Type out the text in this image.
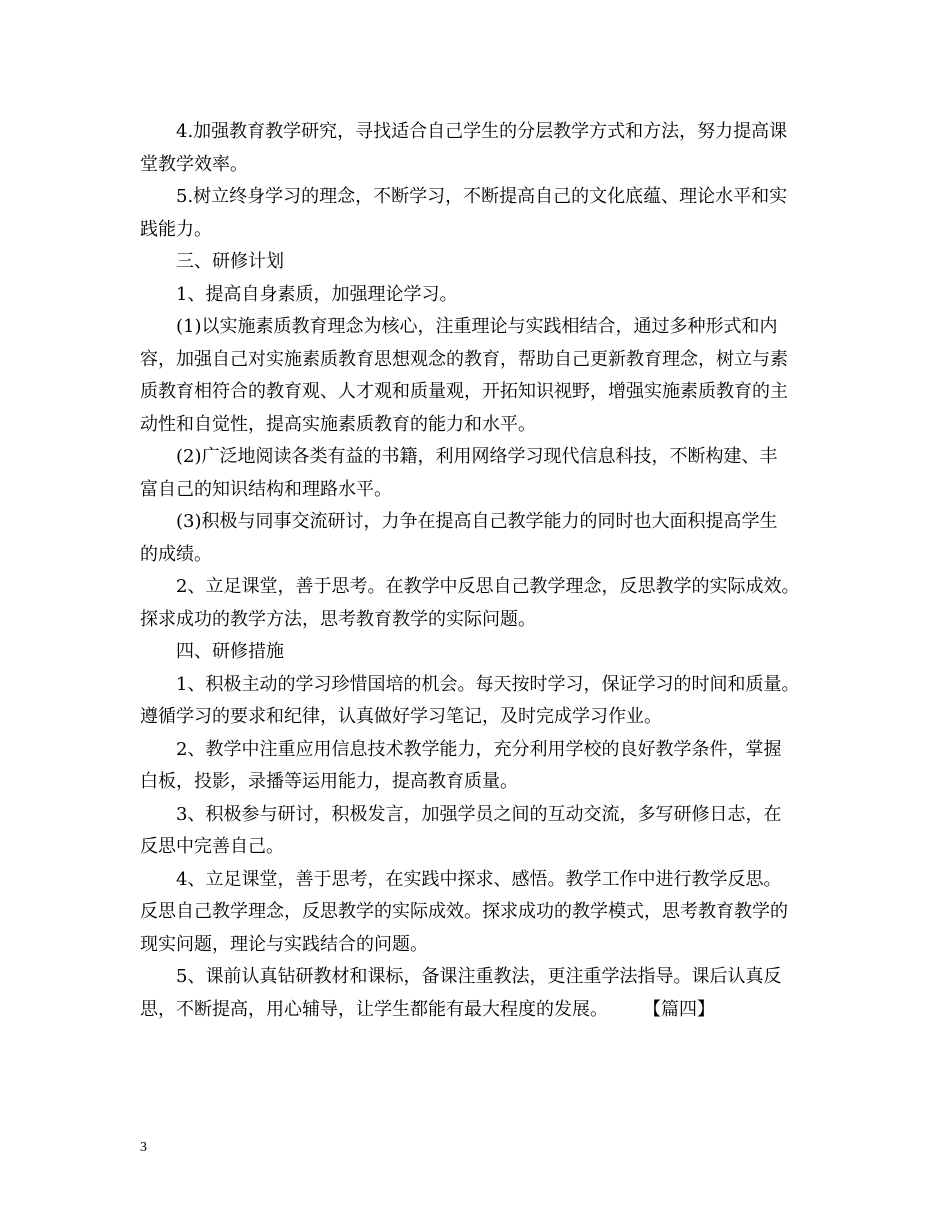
4.加强教育教学研究，寻找适合自己学生的分层教学方式和方法，努力提高课
堂教学效率。
5.树立终身学习的理念，不断学习，不断提高自己的文化底蕴、理论水平和实
践能力。
三、研修计划
1、提高自身素质，加强理论学习。
(1)以实施素质教育理念为核心，注重理论与实践相结合，通过多种形式和内
容，加强自己对实施素质教育思想观念的教育，帮助自己更新教育理念，树立与素
质教育相符合的教育观、人才观和质量观，开拓知识视野，增强实施素质教育的主
动性和自觉性，提高实施素质教育的能力和水平。
(2)广泛地阅读各类有益的书籍，利用网络学习现代信息科技，不断构建、丰
富自己的知识结构和理路水平。
(3)积极与同事交流研讨，力争在提高自己教学能力的同时也大面积提高学生
的成绩。
2、立足课堂，善于思考。在教学中反思自己教学理念，反思教学的实际成效。
探求成功的教学方法，思考教育教学的实际问题。
四、研修措施
1、积极主动的学习珍惜国培的机会。每天按时学习，保证学习的时间和质量。
遵循学习的要求和纪律，认真做好学习笔记，及时完成学习作业。
2、教学中注重应用信息技术教学能力，充分利用学校的良好教学条件，掌握
白板，投影，录播等运用能力，提高教育质量。
3、积极参与研讨，积极发言，加强学员之间的互动交流，多写研修日志，在
反思中完善自己。
4、立足课堂，善于思考，在实践中探求、感悟。教学工作中进行教学反思。
反思自己教学理念，反思教学的实际成效。探求成功的教学模式，思考教育教学的
现实问题，理论与实践结合的问题。
5、课前认真钻研教材和课标，备课注重教法，更注重学法指导。课后认真反
思，不断提高，用心辅导，让学生都能有最大程度的发展。 【篇四】
3
